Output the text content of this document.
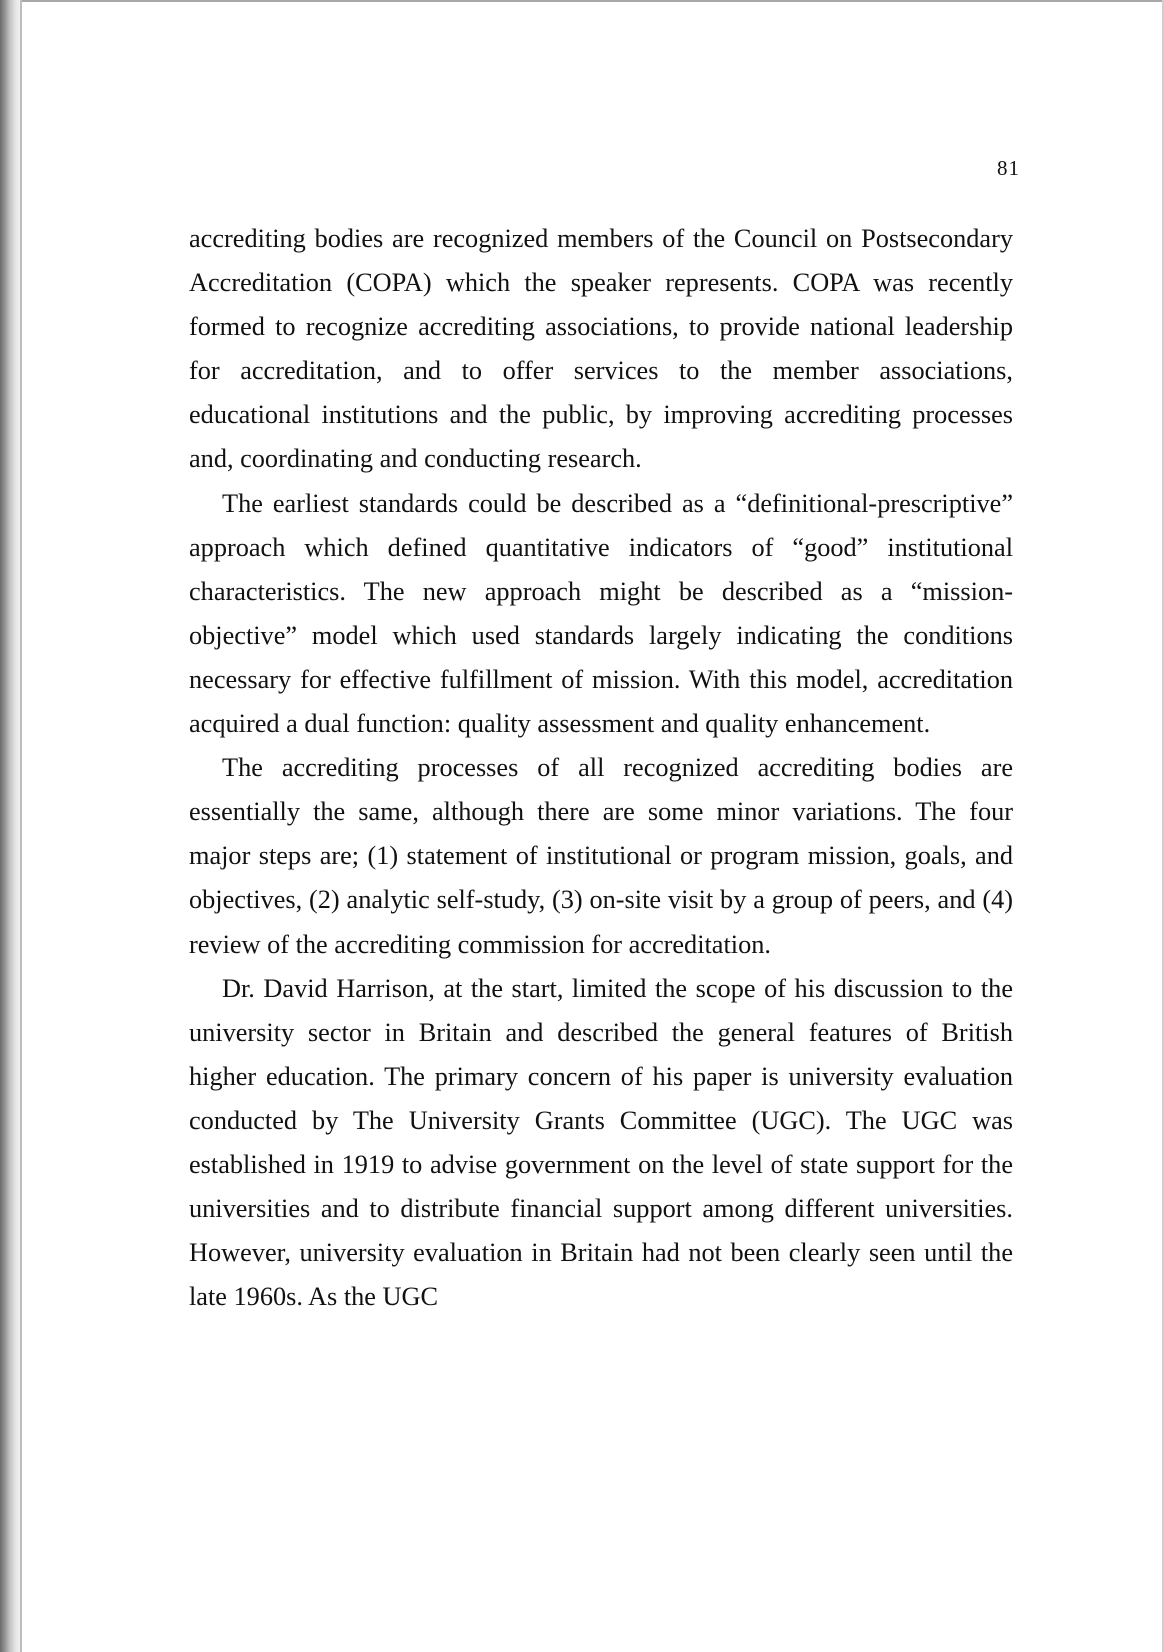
81

accrediting bodies are recognized members of the Council on Postsecondary Accreditation (COPA) which the speaker represents. COPA was recently formed to recognize accrediting associations, to provide national leadership for accreditation, and to offer services to the member associations, educational institutions and the public, by improving accrediting processes and, coordinating and conducting research.

The earliest standards could be described as a “definitional-prescriptive” approach which defined quantitative indicators of “good” institutional characteristics. The new approach might be described as a “mission-objective” model which used standards largely indicating the conditions necessary for effective fulfillment of mission. With this model, accreditation acquired a dual function: quality assessment and quality enhancement.

The accrediting processes of all recognized accrediting bodies are essentially the same, although there are some minor variations. The four major steps are; (1) statement of institutional or program mission, goals, and objectives, (2) analytic self-study, (3) on-site visit by a group of peers, and (4) review of the accrediting commission for accreditation.

Dr. David Harrison, at the start, limited the scope of his discussion to the university sector in Britain and described the general features of British higher education. The primary concern of his paper is university evaluation conducted by The University Grants Committee (UGC). The UGC was established in 1919 to advise government on the level of state support for the universities and to distribute financial support among different universities. However, university evaluation in Britain had not been clearly seen until the late 1960s. As the UGC
